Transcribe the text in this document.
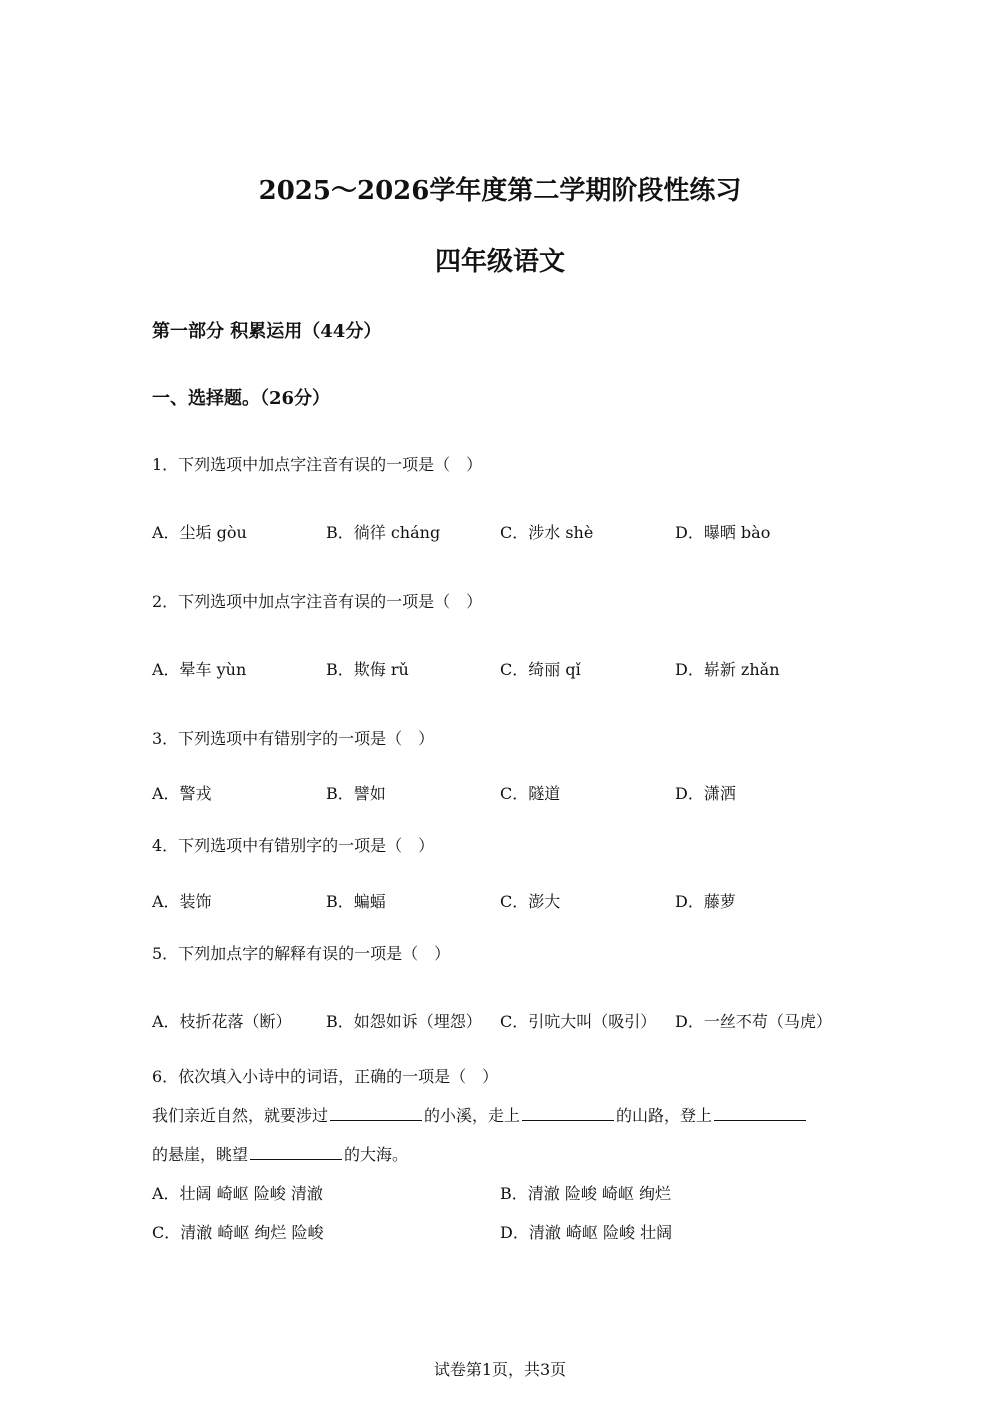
2025～2026学年度第二学期阶段性练习
四年级语文
第一部分 积累运用（44分）
一、选择题。（26分）
1．下列选项中加点字注音有误的一项是（　）
A．尘垢 gòu	B．徜徉 cháng	C．涉水 shè	D．曝晒 bào
2．下列选项中加点字注音有误的一项是（　）
A．晕车 yùn	B．欺侮 rǔ	C．绮丽 qǐ	D．崭新 zhǎn
3．下列选项中有错别字的一项是（　）
A．警戎	B．譬如	C．隧道	D．潇洒
4．下列选项中有错别字的一项是（　）
A．装饰	B．蝙蝠	C．澎大	D．藤萝
5．下列加点字的解释有误的一项是（　）
A．枝折花落（断） B．如怨如诉（埋怨） C．引吭大叫（吸引） D．一丝不苟（马虎）
6．依次填入小诗中的词语，正确的一项是（　）
我们亲近自然，就要涉过	的小溪，走上	的山路，登上
的悬崖，眺望	的大海。
A．壮阔 崎岖 险峻 清澈	B．清澈 险峻 崎岖 绚烂
C．清澈 崎岖 绚烂 险峻	D．清澈 崎岖 险峻 壮阔
试卷第1页，共3页
